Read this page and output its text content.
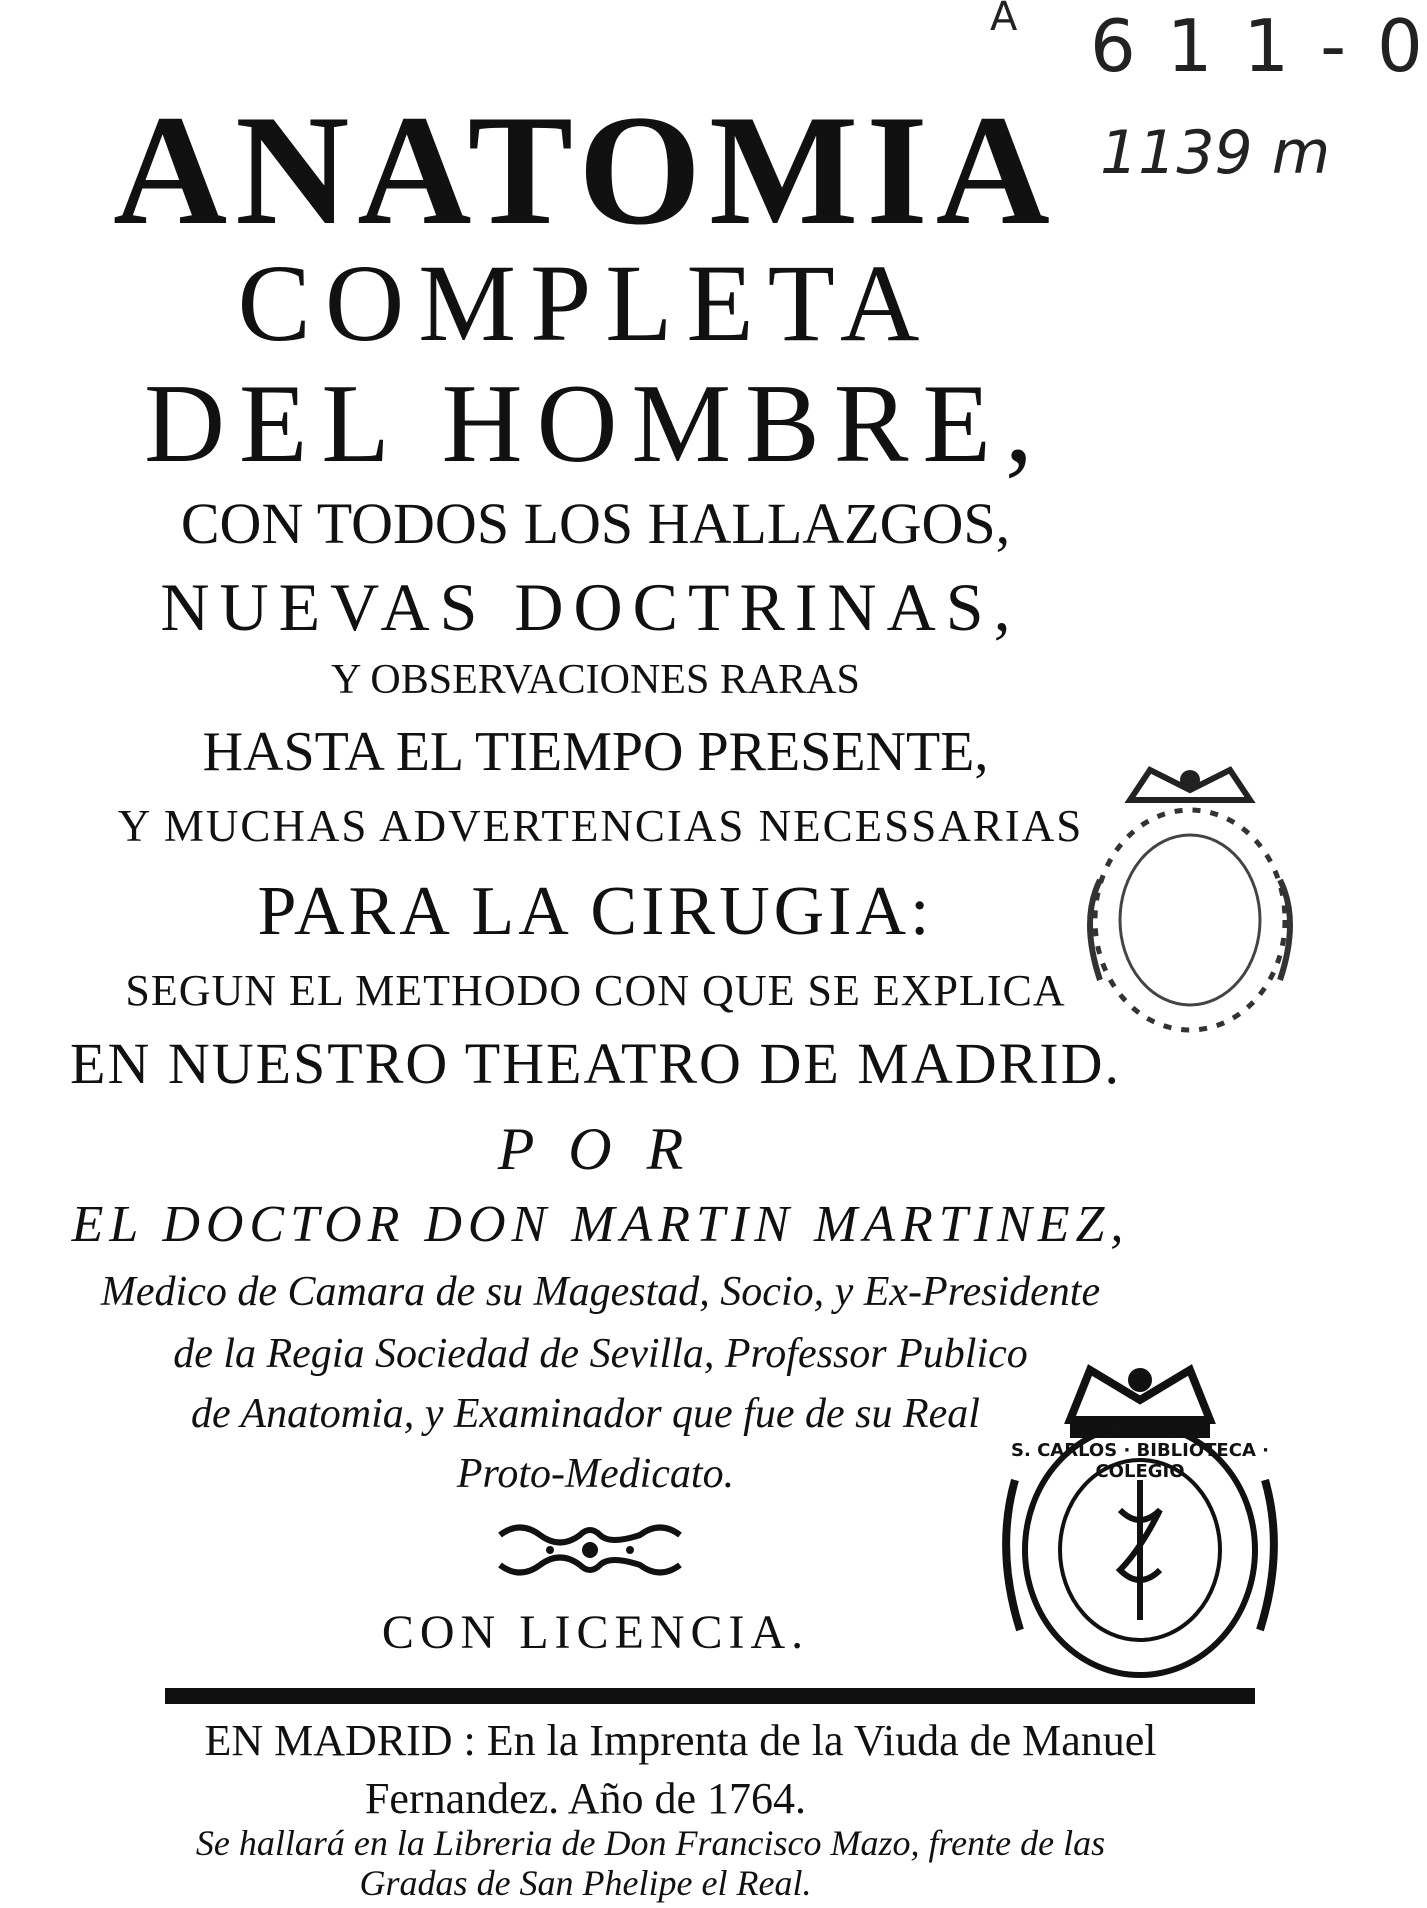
A 6 1 1 - 0
1139 m
ANATOMIA
COMPLETA
DEL HOMBRE,
CON TODOS LOS HALLAZGOS,
NUEVAS DOCTRINAS,
Y OBSERVACIONES RARAS
HASTA EL TIEMPO PRESENTE,
Y MUCHAS ADVERTENCIAS NECESSARIAS
PARA LA CIRUGIA:
SEGUN EL METHODO CON QUE SE EXPLICA
EN NUESTRO THEATRO DE MADRID.
P O R
EL DOCTOR DON MARTIN MARTINEZ,
Medico de Camara de su Magestad, Socio, y Ex-Presidente
de la Regia Sociedad de Sevilla, Professor Publico
de Anatomia, y Examinador que fue de su Real
Proto-Medicato.
CON LICENCIA.
EN MADRID : En la Imprenta de la Viuda de Manuel
Fernandez. Año de 1764.
Se hallará en la Libreria de Don Francisco Mazo, frente de las
Gradas de San Phelipe el Real.
S. CARLOS · BIBLIOTECA · COLEGIO
